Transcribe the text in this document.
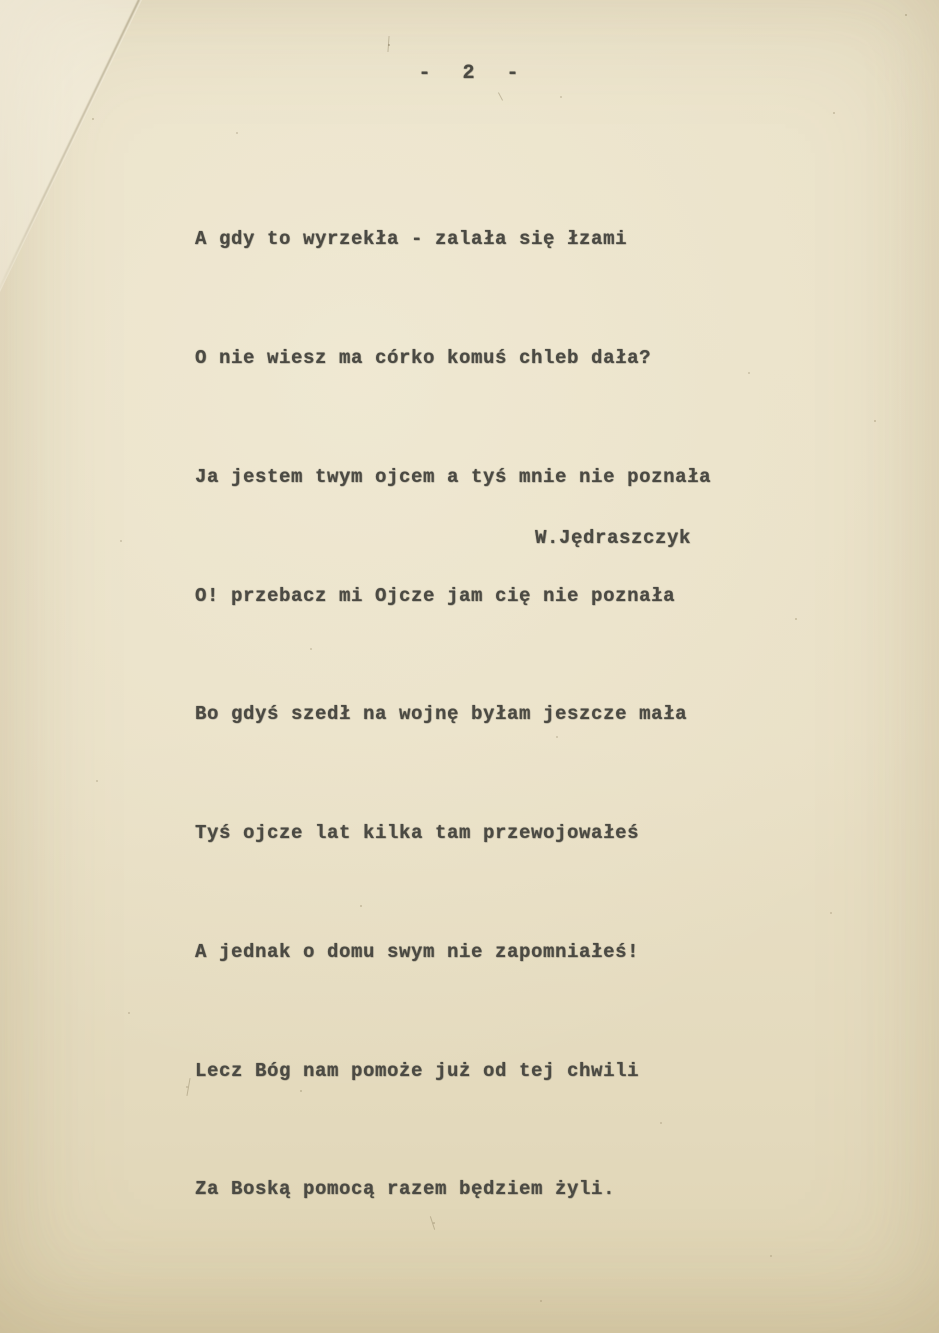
- 2 -

A gdy to wyrzekła - zalała się łzami

O nie wiesz ma córko komuś chleb dała?

Ja jestem twym ojcem a tyś mnie nie poznała

O! przebacz mi Ojcze jam cię nie poznała

Bo gdyś szedł na wojnę byłam jeszcze mała

Tyś ojcze lat kilka tam przewojowałeś

A jednak o domu swym nie zapomniałeś!

Lecz Bóg nam pomoże już od tej chwili

Za Boską pomocą razem będziem żyli.

W.Jędraszczyk
